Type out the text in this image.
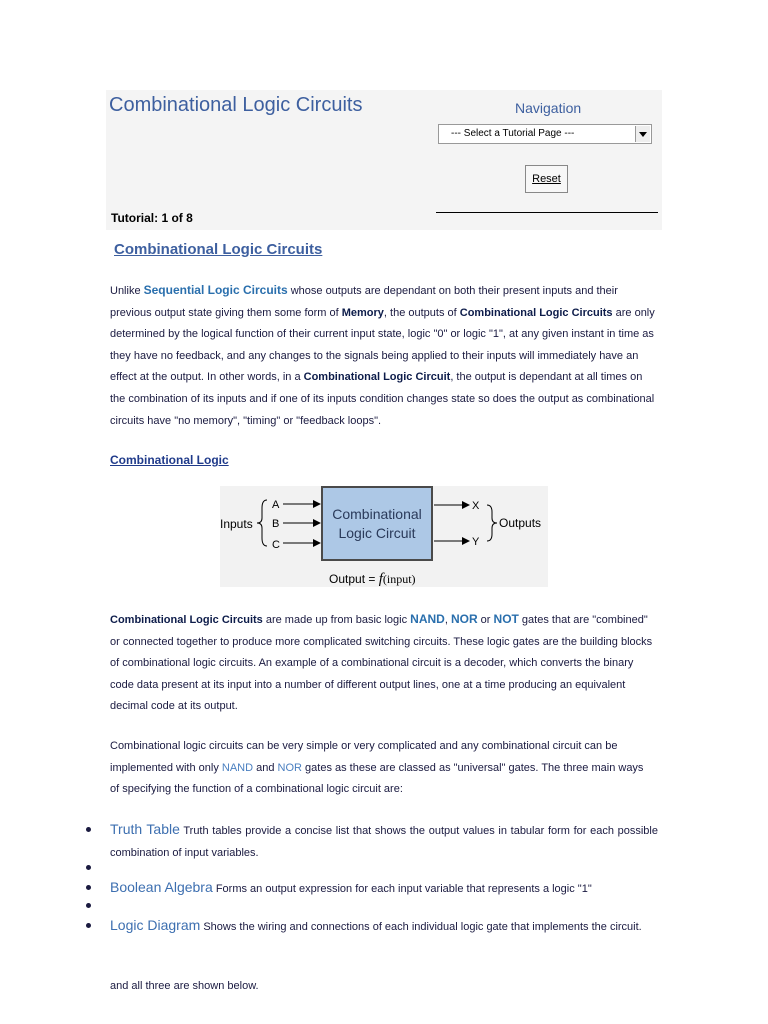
Combinational Logic Circuits	Navigation
--- Select a Tutorial Page ---
Reset
Tutorial: 1 of 8
Combinational Logic Circuits

Unlike Sequential Logic Circuits whose outputs are dependant on both their present inputs and their previous output state giving them some form of Memory, the outputs of Combinational Logic Circuits are only determined by the logical function of their current input state, logic "0" or logic "1", at any given instant in time as they have no feedback, and any changes to the signals being applied to their inputs will immediately have an effect at the output. In other words, in a Combinational Logic Circuit, the output is dependant at all times on the combination of its inputs and if one of its inputs condition changes state so does the output as combinational circuits have "no memory", "timing" or "feedback loops".

Combinational Logic
Inputs
A
B
C
Combinational
Logic Circuit
X
Y
Outputs
Output = f(input)

Combinational Logic Circuits are made up from basic logic NAND, NOR or NOT gates that are "combined" or connected together to produce more complicated switching circuits. These logic gates are the building blocks of combinational logic circuits. An example of a combinational circuit is a decoder, which converts the binary code data present at its input into a number of different output lines, one at a time producing an equivalent decimal code at its output.

Combinational logic circuits can be very simple or very complicated and any combinational circuit can be implemented with only NAND and NOR gates as these are classed as "universal" gates. The three main ways of specifying the function of a combinational logic circuit are:

Truth Table Truth tables provide a concise list that shows the output values in tabular form for each possible combination of input variables.
Boolean Algebra Forms an output expression for each input variable that represents a logic "1"
Logic Diagram Shows the wiring and connections of each individual logic gate that implements the circuit.
and all three are shown below.
